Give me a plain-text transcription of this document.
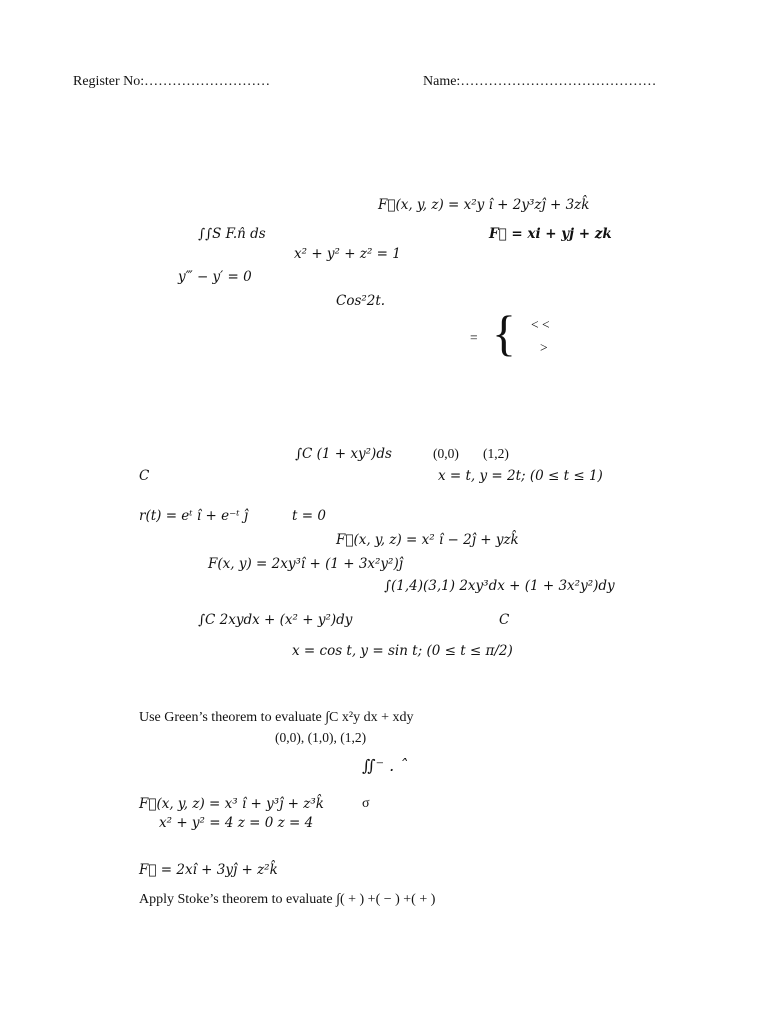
Register No:………………………	Name:……………………………………
F⃗(x, y, z) = x²y î + 2y³zĵ + 3zk̂
∫∫S F.n̂ ds	F⃗ = xi + yj + zk
x² + y² + z² = 1
y‴ − y′ = 0
Cos²2t.
= { < <
>
∫C (1 + xy²)ds	(0,0) (1,2)
C	x = t, y = 2t; (0 ≤ t ≤ 1)
r(t) = eᵗ î + e⁻ᵗ ĵ	t = 0
F⃗(x, y, z) = x² î − 2ĵ + yzk̂
F(x, y) = 2xy³î + (1 + 3x²y²)ĵ
∫(1,4)(3,1) 2xy³dx + (1 + 3x²y²)dy
∫C 2xydx + (x² + y²)dy	C
x = cos t, y = sin t; (0 ≤ t ≤ π/2)
Use Green’s theorem to evaluate ∫C x²y dx + xdy
(0,0), (1,0), (1,2)
∬⁻ . ˆ
F⃗(x, y, z) = x³ î + y³ĵ + z³k̂	σ
x² + y² = 4 z = 0 z = 4
F⃗ = 2xî + 3yĵ + z²k̂
Apply Stoke’s theorem to evaluate ∫( + ) +( − ) +( + )
